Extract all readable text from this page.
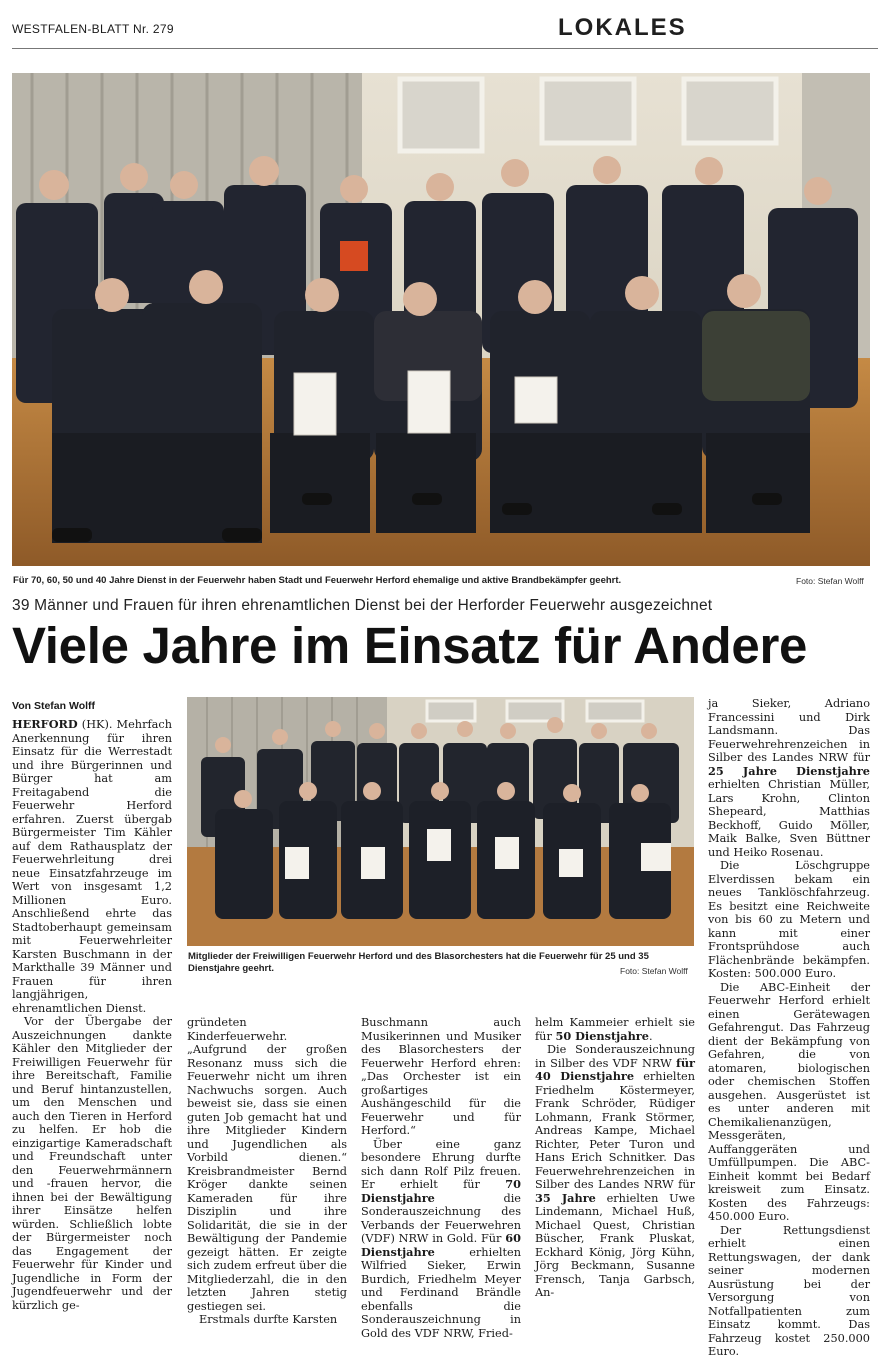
WESTFALEN-BLATT Nr. 279	LOKALES
Für 70, 60, 50 und 40 Jahre Dienst in der Feuerwehr haben Stadt und Feuerwehr Herford ehemalige und aktive Brandbekämpfer geehrt.	Foto: Stefan Wolff
39 Männer und Frauen für ihren ehrenamtlichen Dienst bei der Herforder Feuerwehr ausgezeichnet
Viele Jahre im Einsatz für Andere
Von Stefan Wolff
Mitglieder der Freiwilligen Feuerwehr Herford und des Blasorchesters hat die Feuerwehr für 25 und 35
Dienstjahre geehrt.	Foto: Stefan Wolff

HERFORD (HK). Mehrfach Anerkennung für ihren Einsatz für die Werrestadt und ihre Bürgerinnen und Bürger hat am Freitagabend die Feuerwehr Herford erfahren. Zuerst übergab Bürgermeister Tim Kähler auf dem Rathausplatz der Feuerwehrleitung drei neue Einsatzfahrzeuge im Wert von insgesamt 1,2 Millionen Euro. Anschließend ehrte das Stadtoberhaupt gemeinsam mit Feuerwehrleiter Karsten Buschmann in der Markthalle 39 Männer und Frauen für ihren langjährigen, ehrenamtlichen Dienst.

Vor der Übergabe der Auszeichnungen dankte Kähler den Mitglieder der Freiwilligen Feuerwehr für ihre Bereitschaft, Familie und Beruf hintanzustellen, um den Menschen und auch den Tieren in Herford zu helfen. Er hob die einzigartige Kameradschaft und Freundschaft unter den Feuerwehrmännern und -frauen hervor, die ihnen bei der Bewältigung ihrer Einsätze helfen würden. Schließlich lobte der Bürgermeister noch das Engagement der Feuerwehr für Kinder und Jugendliche in Form der Jugendfeuerwehr und der kürzlich ge-

gründeten Kinderfeuerwehr. „Aufgrund der großen Resonanz muss sich die Feuerwehr nicht um ihren Nachwuchs sorgen. Auch beweist sie, dass sie einen guten Job gemacht hat und ihre Mitglieder Kindern und Jugendlichen als Vorbild dienen.“ Kreisbrandmeister Bernd Kröger dankte seinen Kameraden für ihre Disziplin und ihre Solidarität, die sie in der Bewältigung der Pandemie gezeigt hätten. Er zeigte sich zudem erfreut über die Mitgliederzahl, die in den letzten Jahren stetig gestiegen sei.

Erstmals durfte Karsten

Buschmann auch Musikerinnen und Musiker des Blasorchesters der Feuerwehr Herford ehren: „Das Orchester ist ein großartiges Aushängeschild für die Feuerwehr und für Herford.“

Über eine ganz besondere Ehrung durfte sich dann Rolf Pilz freuen. Er erhielt für 70 Dienstjahre die Sonderauszeichnung des Verbands der Feuerwehren (VDF) NRW in Gold. Für 60 Dienstjahre erhielten Wilfried Sieker, Erwin Burdich, Friedhelm Meyer und Ferdinand Brändle ebenfalls die Sonderauszeichnung in Gold des VDF NRW, Fried-

helm Kammeier erhielt sie für 50 Dienstjahre.

Die Sonderauszeichnung in Silber des VDF NRW für 40 Dienstjahre erhielten Friedhelm Köstermeyer, Frank Schröder, Rüdiger Lohmann, Frank Störmer, Andreas Kampe, Michael Richter, Peter Turon und Hans Erich Schnitker. Das Feuerwehrehrenzeichen in Silber des Landes NRW für 35 Jahre erhielten Uwe Lindemann, Michael Huß, Michael Quest, Christian Büscher, Frank Pluskat, Eckhard König, Jörg Kühn, Jörg Beckmann, Susanne Frensch, Tanja Garbsch, An-

ja Sieker, Adriano Francessini und Dirk Landsmann. Das Feuerwehrehrenzeichen in Silber des Landes NRW für 25 Jahre Dienstjahre erhielten Christian Müller, Lars Krohn, Clinton Shepeard, Matthias Beckhoff, Guido Möller, Maik Balke, Sven Büttner und Heiko Rosenau.

Die Löschgruppe Elverdissen bekam ein neues Tanklöschfahrzeug. Es besitzt eine Reichweite von bis 60 zu Metern und kann mit einer Frontsprühdose auch Flächenbrände bekämpfen. Kosten: 500.000 Euro.

Die ABC-Einheit der Feuerwehr Herford erhielt einen Gerätewagen Gefahrengut. Das Fahrzeug dient der Bekämpfung von Gefahren, die von atomaren, biologischen oder chemischen Stoffen ausgehen. Ausgerüstet ist es unter anderen mit Chemikalienanzügen, Messgeräten, Auffanggeräten und Umfüllpumpen. Die ABC-Einheit kommt bei Bedarf kreisweit zum Einsatz. Kosten des Fahrzeugs: 450.000 Euro.

Der Rettungsdienst erhielt einen Rettungswagen, der dank seiner modernen Ausrüstung bei der Versorgung von Notfallpatienten zum Einsatz kommt. Das Fahrzeug kostet 250.000 Euro.
